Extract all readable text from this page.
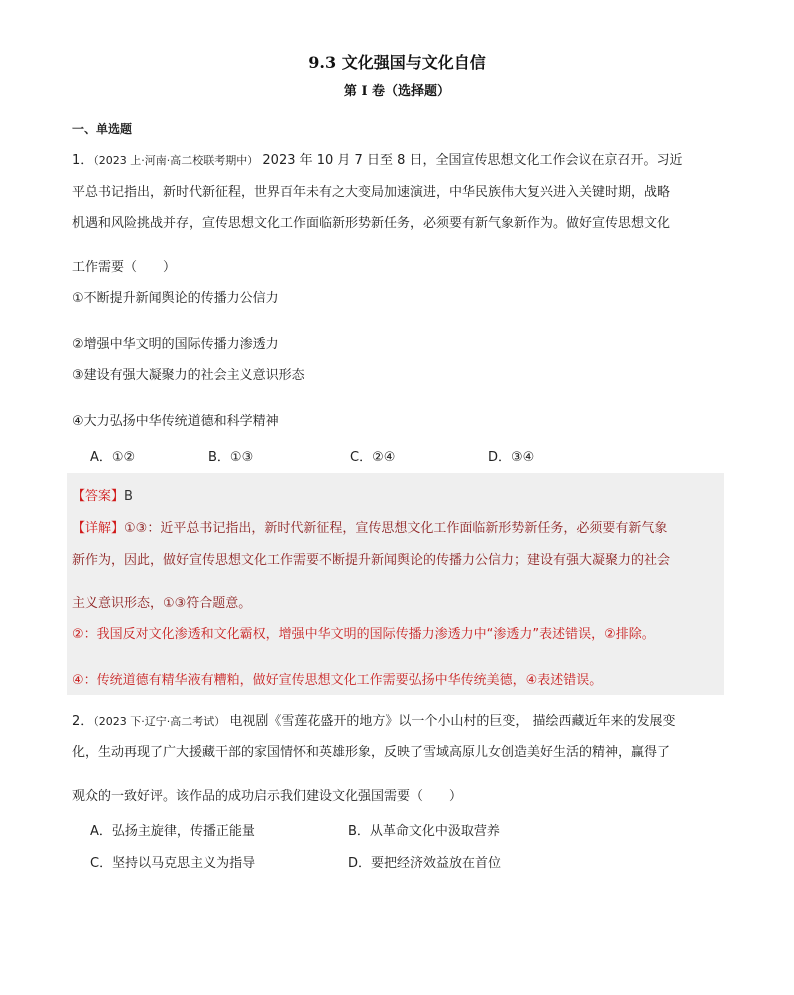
9.3 文化强国与文化自信
第 I 卷（选择题）
一、单选题
1．（2023 上·河南·高二校联考期中） 2023 年 10 月 7 日至 8 日，全国宣传思想文化工作会议在京召开。习近
平总书记指出，新时代新征程，世界百年未有之大变局加速演进，中华民族伟大复兴进入关键时期，战略
机遇和风险挑战并存，宣传思想文化工作面临新形势新任务，必须要有新气象新作为。做好宣传思想文化
工作需要（　　）
①不断提升新闻舆论的传播力公信力
②增强中华文明的国际传播力渗透力
③建设有强大凝聚力的社会主义意识形态
④大力弘扬中华传统道德和科学精神
A．①②	B．①③	C．②④	D．③④
【答案】B
【详解】①③：近平总书记指出，新时代新征程，宣传思想文化工作面临新形势新任务，必须要有新气象
新作为，因此，做好宣传思想文化工作需要不断提升新闻舆论的传播力公信力；建设有强大凝聚力的社会
主义意识形态，①③符合题意。
②：我国反对文化渗透和文化霸权，增强中华文明的国际传播力渗透力中“渗透力”表述错误，②排除。
④：传统道德有精华液有糟粕，做好宣传思想文化工作需要弘扬中华传统美德，④表述错误。
2．（2023 下·辽宁·高二考试） 电视剧《雪莲花盛开的地方》以一个小山村的巨变， 描绘西藏近年来的发展变
化，生动再现了广大援藏干部的家国情怀和英雄形象，反映了雪域高原儿女创造美好生活的精神，赢得了
观众的一致好评。该作品的成功启示我们建设文化强国需要（　　）
A．弘扬主旋律，传播正能量	B．从革命文化中汲取营养
C．坚持以马克思主义为指导	D．要把经济效益放在首位
